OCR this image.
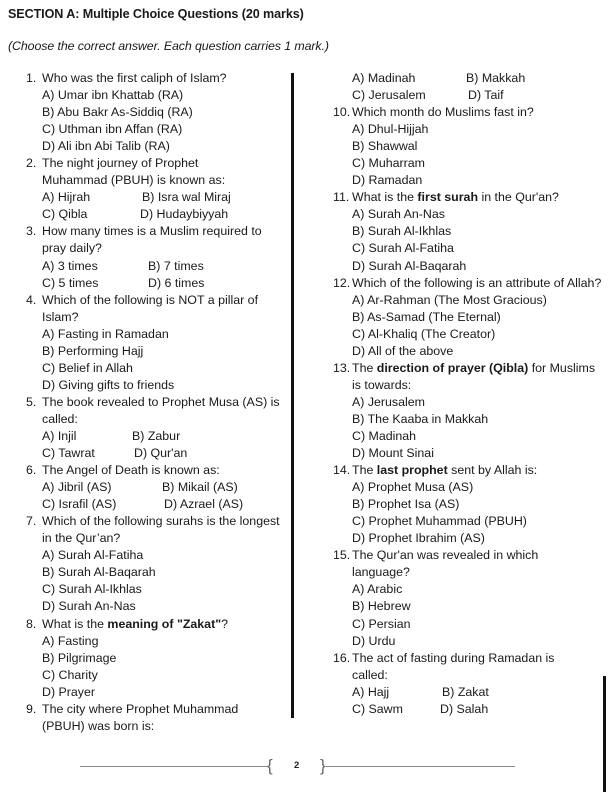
SECTION A: Multiple Choice Questions (20 marks)
(Choose the correct answer. Each question carries 1 mark.)
1. Who was the first caliph of Islam?
A) Umar ibn Khattab (RA)
B) Abu Bakr As-Siddiq (RA)
C) Uthman ibn Affan (RA)
D) Ali ibn Abi Talib (RA)
2. The night journey of Prophet Muhammad (PBUH) is known as:
A) Hijrah	B) Isra wal Miraj
C) Qibla	D) Hudaybiyyah
3. How many times is a Muslim required to pray daily?
A) 3 times	B) 7 times
C) 5 times	D) 6 times
4. Which of the following is NOT a pillar of Islam?
A) Fasting in Ramadan
B) Performing Hajj
C) Belief in Allah
D) Giving gifts to friends
5. The book revealed to Prophet Musa (AS) is called:
A) Injil	B) Zabur
C) Tawrat	D) Qur'an
6. The Angel of Death is known as:
A) Jibril (AS)	B) Mikail (AS)
C) Israfil (AS)	D) Azrael (AS)
7. Which of the following surahs is the longest in the Qur’an?
A) Surah Al-Fatiha
B) Surah Al-Baqarah
C) Surah Al-Ikhlas
D) Surah An-Nas
8. What is the meaning of "Zakat"?
A) Fasting
B) Pilgrimage
C) Charity
D) Prayer
9. The city where Prophet Muhammad (PBUH) was born is:
A) Madinah	B) Makkah
C) Jerusalem	D) Taif
10. Which month do Muslims fast in?
A) Dhul-Hijjah
B) Shawwal
C) Muharram
D) Ramadan
11. What is the first surah in the Qur'an?
A) Surah An-Nas
B) Surah Al-Ikhlas
C) Surah Al-Fatiha
D) Surah Al-Baqarah
12. Which of the following is an attribute of Allah?
A) Ar-Rahman (The Most Gracious)
B) As-Samad (The Eternal)
C) Al-Khaliq (The Creator)
D) All of the above
13. The direction of prayer (Qibla) for Muslims is towards:
A) Jerusalem
B) The Kaaba in Makkah
C) Madinah
D) Mount Sinai
14. The last prophet sent by Allah is:
A) Prophet Musa (AS)
B) Prophet Isa (AS)
C) Prophet Muhammad (PBUH)
D) Prophet Ibrahim (AS)
15. The Qur'an was revealed in which language?
A) Arabic
B) Hebrew
C) Persian
D) Urdu
16. The act of fasting during Ramadan is called:
A) Hajj	B) Zakat
C) Sawm	D) Salah
{ 2 }
